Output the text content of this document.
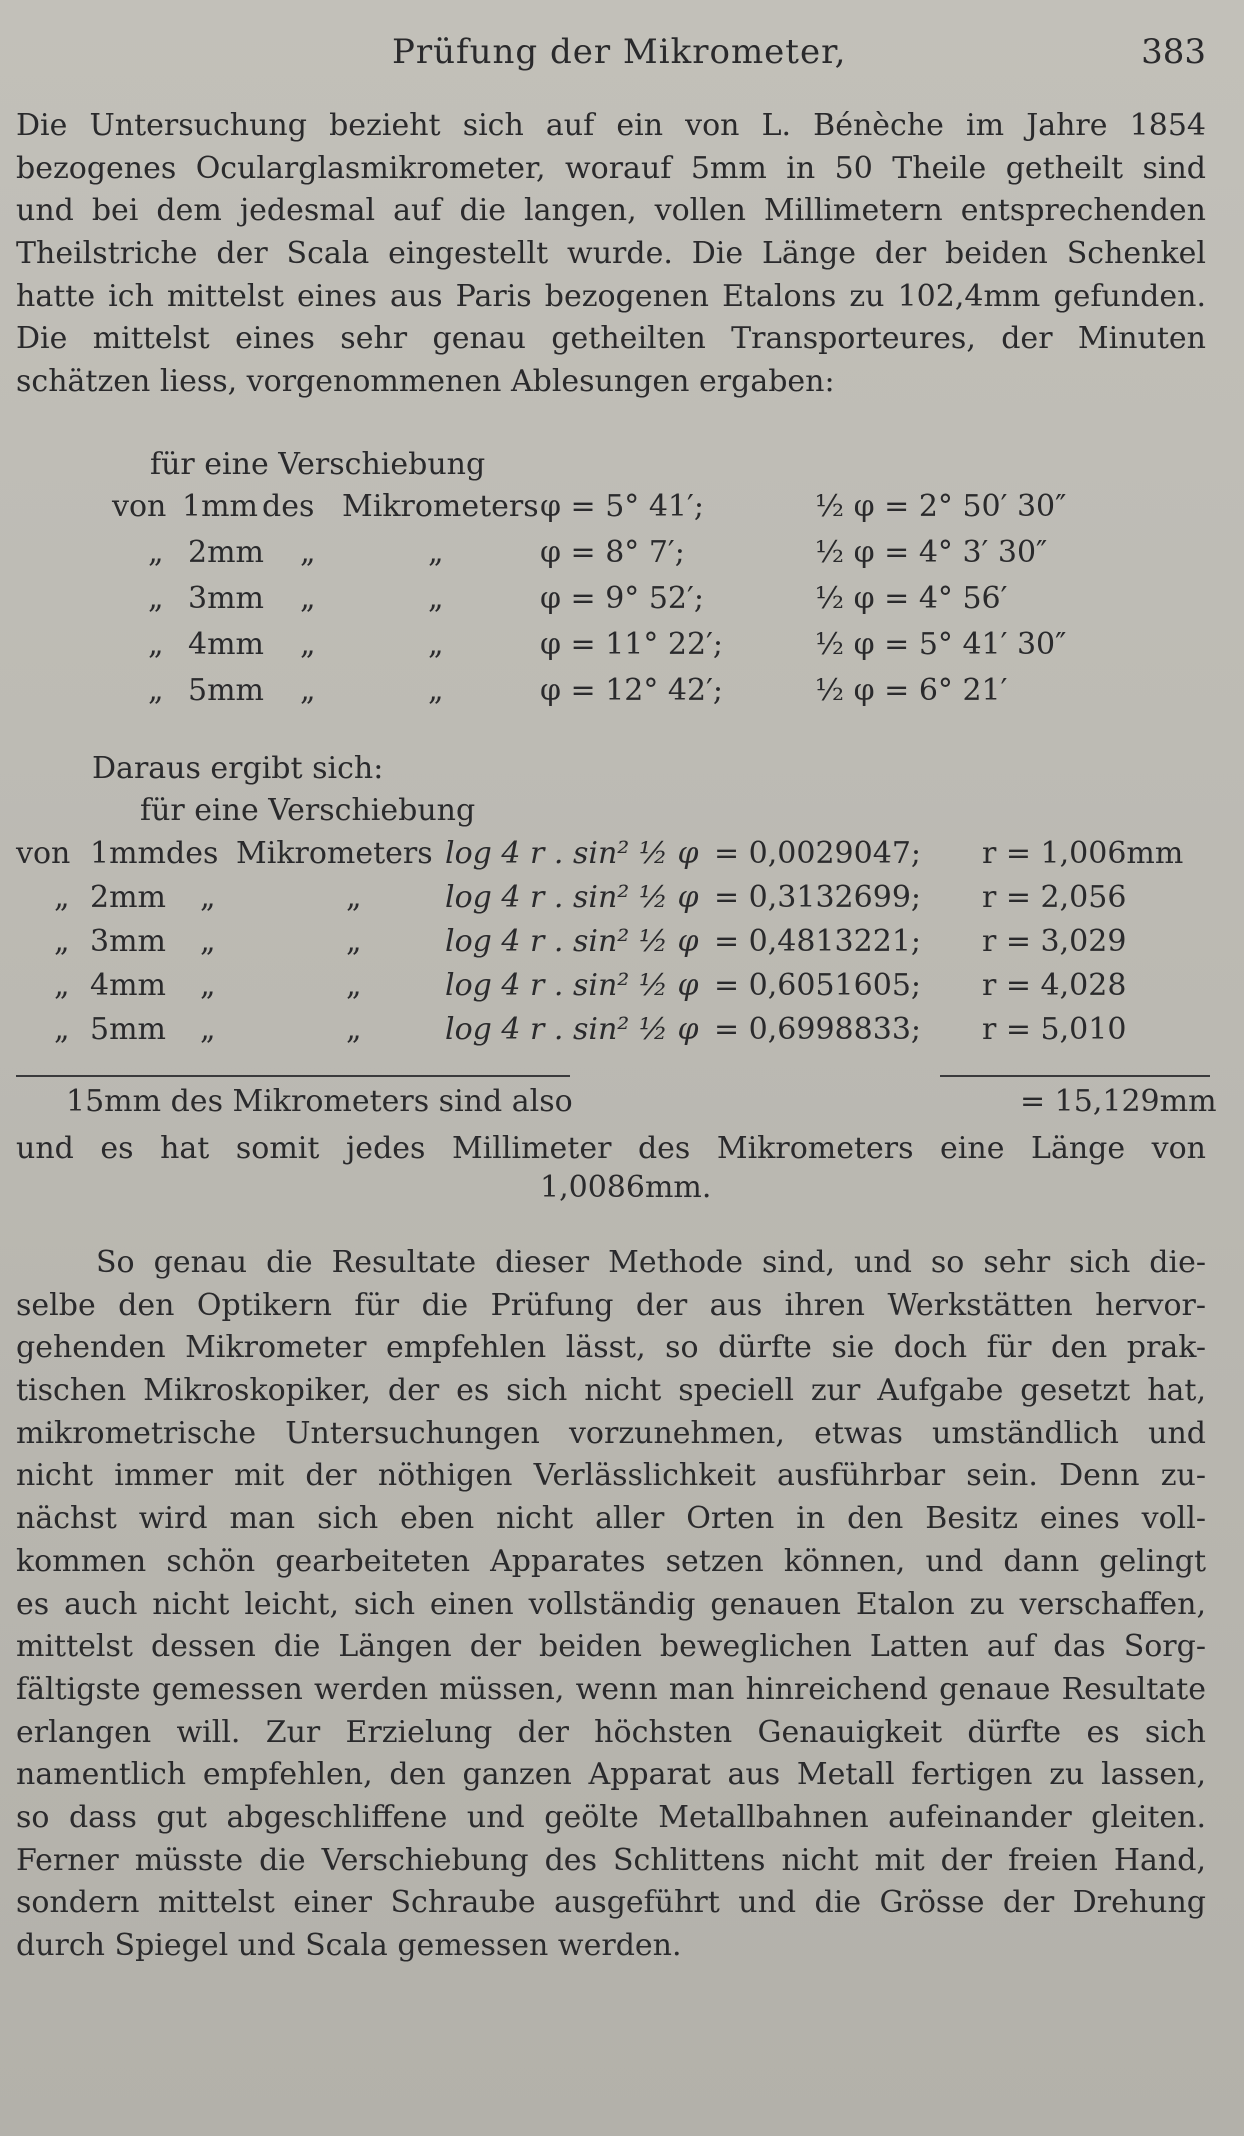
Prüfung der Mikrometer,	383
Die Untersuchung bezieht sich auf ein von L. Bénèche im Jahre 1854
bezogenes Ocularglasmikrometer, worauf 5mm in 50 Theile getheilt sind
und bei dem jedesmal auf die langen, vollen Millimetern entsprechenden
Theilstriche der Scala eingestellt wurde. Die Länge der beiden Schenkel
hatte ich mittelst eines aus Paris bezogenen Etalons zu 102,4mm gefunden.
Die mittelst eines sehr genau getheilten Transporteures, der Minuten
schätzen liess, vorgenommenen Ablesungen ergaben:
für eine Verschiebung
von 1mm des Mikrometers φ = 5° 41′;	½ φ = 2° 50′ 30″
„ 2mm „	„	φ = 8° 7′;	½ φ = 4° 3′ 30″
„ 3mm „	„	φ = 9° 52′;	½ φ = 4° 56′
„ 4mm „	„	φ = 11° 22′;	½ φ = 5° 41′ 30″
„ 5mm „	„	φ = 12° 42′;	½ φ = 6° 21′
Daraus ergibt sich:
für eine Verschiebung
von 1mm des Mikrometers log 4 r . sin² ½ φ = 0,0029047; r = 1,006mm
„ 2mm „	„	log 4 r . sin² ½ φ = 0,3132699; r = 2,056
„ 3mm „	„	log 4 r . sin² ½ φ = 0,4813221; r = 3,029
„ 4mm „	„	log 4 r . sin² ½ φ = 0,6051605; r = 4,028
„ 5mm „	„	log 4 r . sin² ½ φ = 0,6998833; r = 5,010
15mm des Mikrometers sind also	= 15,129mm
und es hat somit jedes Millimeter des Mikrometers eine Länge von
1,0086mm.
So genau die Resultate dieser Methode sind, und so sehr sich die-
selbe den Optikern für die Prüfung der aus ihren Werkstätten hervor-
gehenden Mikrometer empfehlen lässt, so dürfte sie doch für den prak-
tischen Mikroskopiker, der es sich nicht speciell zur Aufgabe gesetzt hat,
mikrometrische Untersuchungen vorzunehmen, etwas umständlich und
nicht immer mit der nöthigen Verlässlichkeit ausführbar sein. Denn zu-
nächst wird man sich eben nicht aller Orten in den Besitz eines voll-
kommen schön gearbeiteten Apparates setzen können, und dann gelingt
es auch nicht leicht, sich einen vollständig genauen Etalon zu verschaffen,
mittelst dessen die Längen der beiden beweglichen Latten auf das Sorg-
fältigste gemessen werden müssen, wenn man hinreichend genaue Resultate
erlangen will. Zur Erzielung der höchsten Genauigkeit dürfte es sich
namentlich empfehlen, den ganzen Apparat aus Metall fertigen zu lassen,
so dass gut abgeschliffene und geölte Metallbahnen aufeinander gleiten.
Ferner müsste die Verschiebung des Schlittens nicht mit der freien Hand,
sondern mittelst einer Schraube ausgeführt und die Grösse der Drehung
durch Spiegel und Scala gemessen werden.
